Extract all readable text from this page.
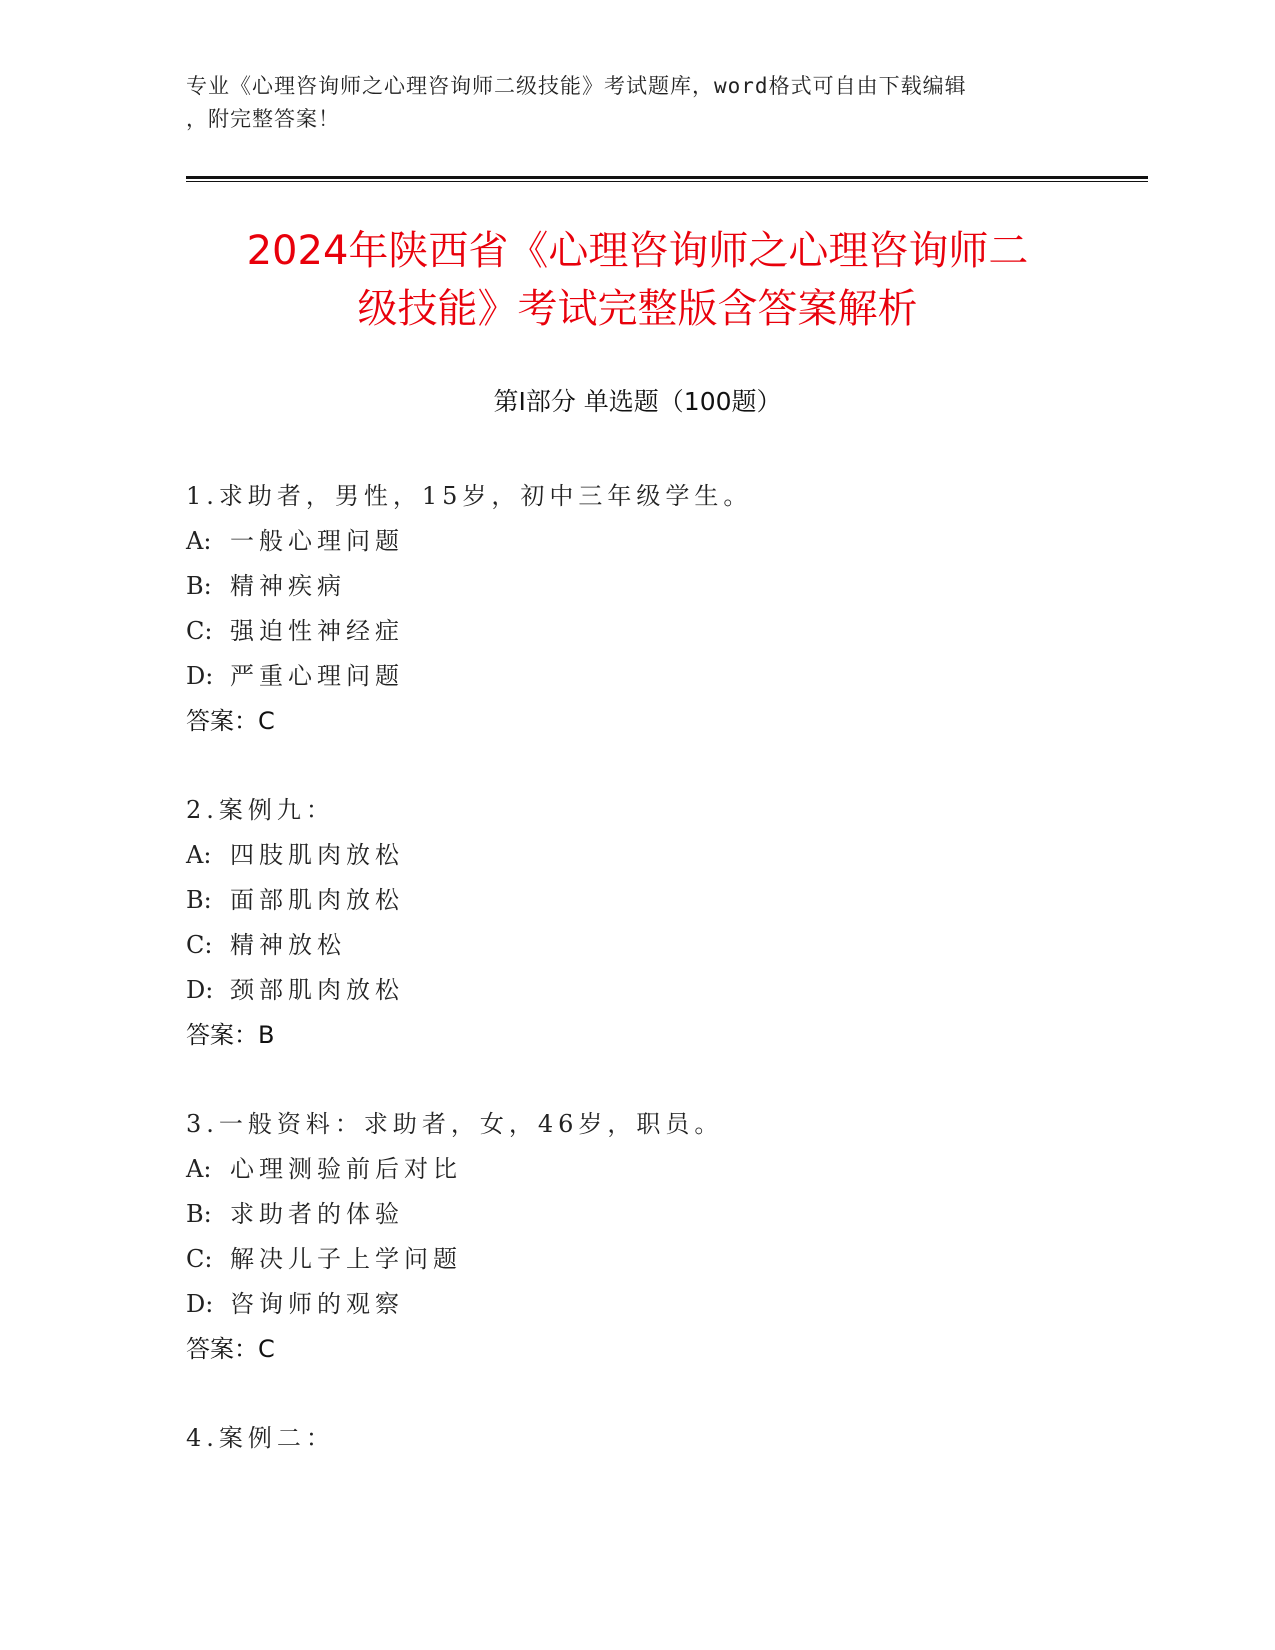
专业《心理咨询师之心理咨询师二级技能》考试题库，word格式可自由下载编辑
，附完整答案！
2024年陕西省《心理咨询师之心理咨询师二
级技能》考试完整版含答案解析
第Ⅰ部分 单选题（100题）
1.求助者，男性，15岁，初中三年级学生。
A: 一般心理问题
B: 精神疾病
C: 强迫性神经症
D: 严重心理问题
答案：C
2.案例九：
A: 四肢肌肉放松
B: 面部肌肉放松
C: 精神放松
D: 颈部肌肉放松
答案：B
3.一般资料：求助者，女，46岁，职员。
A: 心理测验前后对比
B: 求助者的体验
C: 解决儿子上学问题
D: 咨询师的观察
答案：C
4.案例二：
